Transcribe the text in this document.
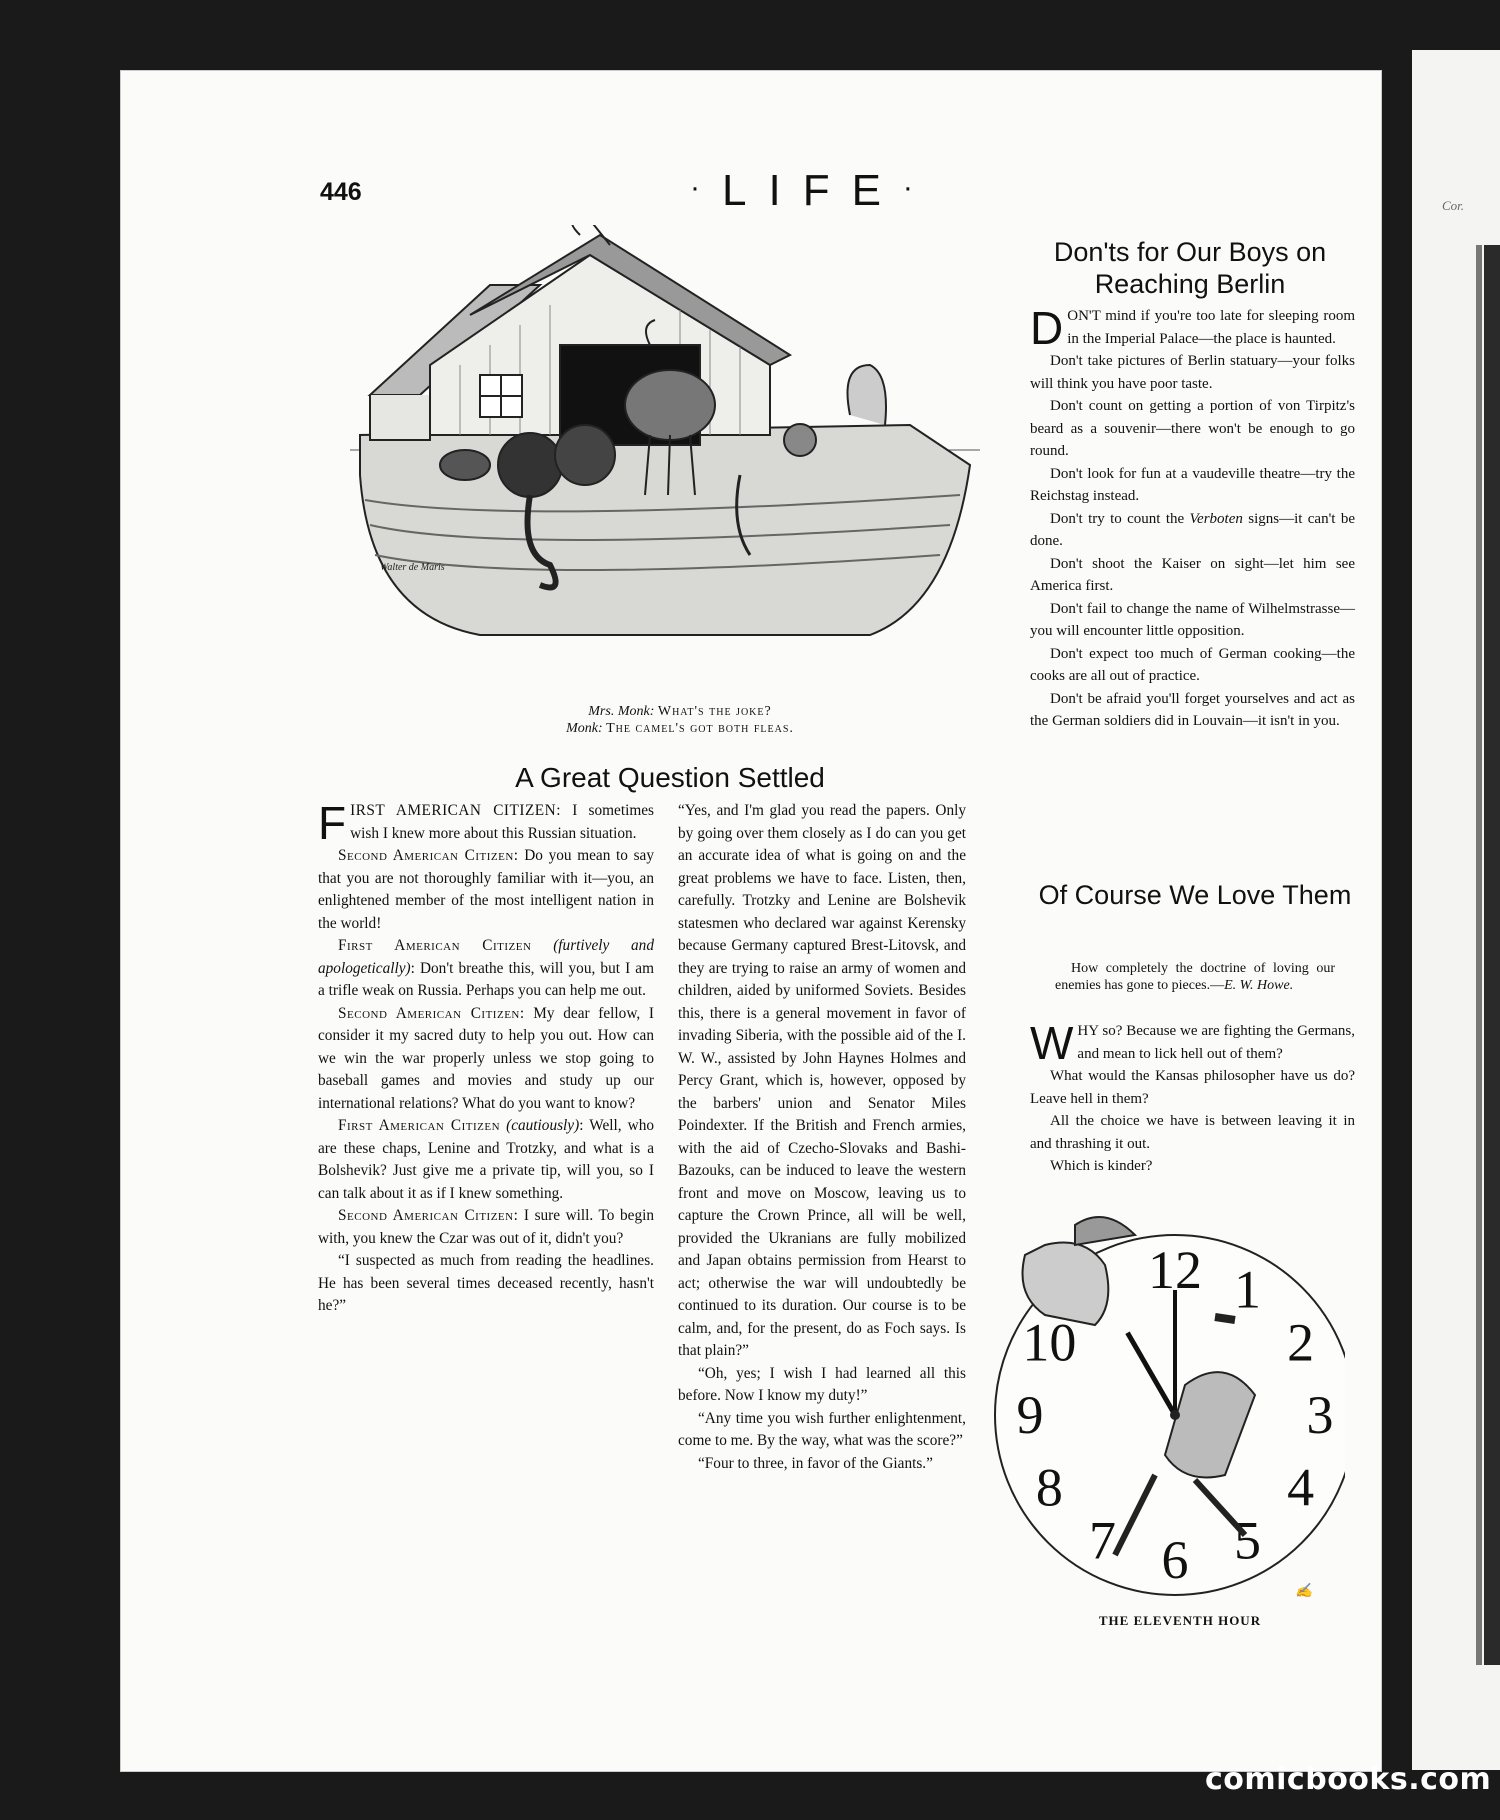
Cor.
446	·LIFE·
Walter de Maris
Mrs. Monk: What's the joke?
Monk: The camel's got both fleas.
A Great Question Settled

FIRST AMERICAN CITIZEN: I sometimes wish I knew more about this Russian situation.

Second American Citizen: Do you mean to say that you are not thoroughly familiar with it—you, an enlightened member of the most intelligent nation in the world!

First American Citizen (furtively and apologetically): Don't breathe this, will you, but I am a trifle weak on Russia. Perhaps you can help me out.

Second American Citizen: My dear fellow, I consider it my sacred duty to help you out. How can we win the war properly unless we stop going to baseball games and movies and study up our international relations? What do you want to know?

First American Citizen (cautiously): Well, who are these chaps, Lenine and Trotzky, and what is a Bolshevik? Just give me a private tip, will you, so I can talk about it as if I knew something.

Second American Citizen: I sure will. To begin with, you knew the Czar was out of it, didn't you?

“I suspected as much from reading the headlines. He has been several times deceased recently, hasn't he?”

“Yes, and I'm glad you read the papers. Only by going over them closely as I do can you get an accurate idea of what is going on and the great problems we have to face. Listen, then, carefully. Trotzky and Lenine are Bolshevik statesmen who declared war against Kerensky because Germany captured Brest-Litovsk, and they are trying to raise an army of women and children, aided by uniformed Soviets. Besides this, there is a general movement in favor of invading Siberia, with the possible aid of the I. W. W., assisted by John Haynes Holmes and Percy Grant, which is, however, opposed by the barbers' union and Senator Miles Poindexter. If the British and French armies, with the aid of Czecho-Slovaks and Bashi-Bazouks, can be induced to leave the western front and move on Moscow, leaving us to capture the Crown Prince, all will be well, provided the Ukranians are fully mobilized and Japan obtains permission from Hearst to act; otherwise the war will undoubtedly be continued to its duration. Our course is to be calm, and, for the present, do as Foch says. Is that plain?”

“Oh, yes; I wish I had learned all this before. Now I know my duty!”

“Any time you wish further enlightenment, come to me. By the way, what was the score?”

“Four to three, in favor of the Giants.”

Don'ts for Our Boys on
Reaching Berlin

DON'T mind if you're too late for sleeping room in the Imperial Palace—the place is haunted.

Don't take pictures of Berlin statuary—your folks will think you have poor taste.

Don't count on getting a portion of von Tirpitz's beard as a souvenir—there won't be enough to go round.

Don't look for fun at a vaudeville theatre—try the Reichstag instead.

Don't try to count the Verboten signs—it can't be done.

Don't shoot the Kaiser on sight—let him see America first.

Don't fail to change the name of Wilhelmstrasse—you will encounter little opposition.

Don't expect too much of German cooking—the cooks are all out of practice.

Don't be afraid you'll forget yourselves and act as the German soldiers did in Louvain—it isn't in you.

Of Course We Love Them

How completely the doctrine of loving our enemies has gone to pieces.—E. W. Howe.

WHY so? Because we are fighting the Germans, and mean to lick hell out of them?

What would the Kansas philosopher have us do? Leave hell in them?

All the choice we have is between leaving it in and thrashing it out.

Which is kinder?

12 1
2
3
4
5
6
7
8
9
10
✍
THE ELEVENTH HOUR
comicbooks.com
